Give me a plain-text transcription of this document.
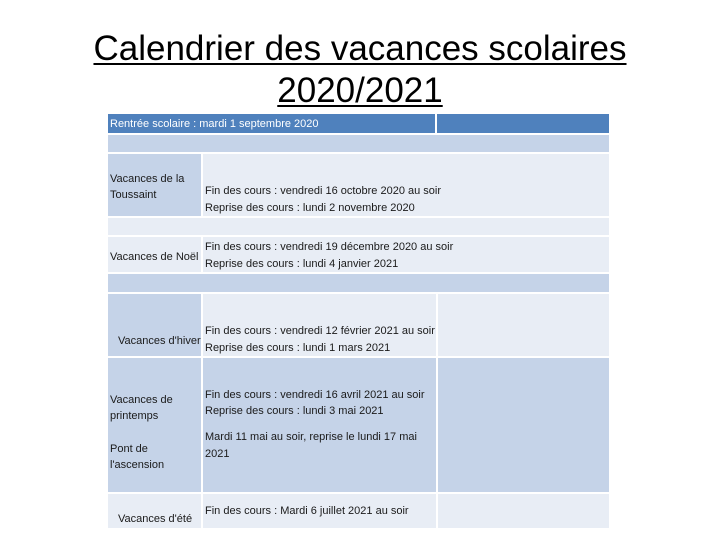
Calendrier des vacances scolaires
2020/2021
Rentrée scolaire : mardi 1 septembre 2020
Vacances de la
Toussaint	Fin des cours : vendredi 16 octobre 2020 au soir
Reprise des cours : lundi 2 novembre 2020
Vacances de Noël
Fin des cours : vendredi 19 décembre 2020 au soir
Reprise des cours : lundi 4 janvier 2021
Vacances d'hiver
Fin des cours : vendredi 12 février 2021 au soir
Reprise des cours : lundi 1 mars 2021
Vacances de
printemps
Fin des cours : vendredi 16 avril 2021 au soir
Reprise des cours : lundi 3 mai 2021
Pont de
l'ascension
Mardi 11 mai au soir, reprise le lundi 17 mai
2021
Vacances d'été
Fin des cours : Mardi 6 juillet 2021 au soir
